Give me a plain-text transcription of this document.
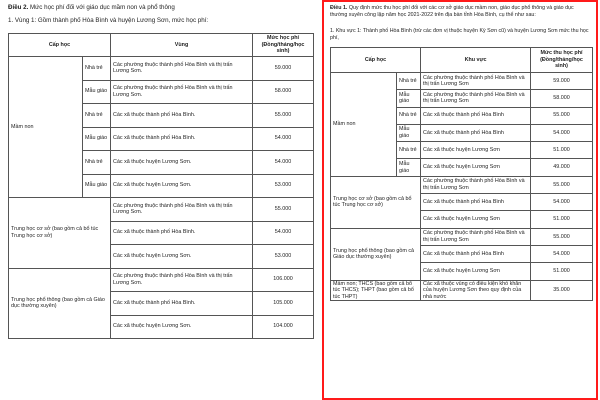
Điều 2. Mức học phí đối với giáo dục mầm non và phổ thông
1. Vùng 1: Gồm thành phố Hòa Bình và huyện Lương Sơn, mức học phí:
Cấp học		Vùng	Mức học phí (Đồng/tháng/học sinh)
Mầm non	Nhà trẻ	Các phường thuộc thành phố Hòa Bình và thị trấn Lương Sơn.	59.000
	Mẫu giáo	Các phường thuộc thành phố Hòa Bình và thị trấn Lương Sơn.	58.000
	Nhà trẻ	Các xã thuộc thành phố Hòa Bình.	55.000
	Mẫu giáo	Các xã thuộc thành phố Hòa Bình.	54.000
	Nhà trẻ	Các xã thuộc huyện Lương Sơn.	54.000
	Mẫu giáo	Các xã thuộc huyện Lương Sơn.	53.000
Trung học cơ sở (bao gồm cả bổ túc Trung học cơ sở)		Các phường thuộc thành phố Hòa Bình và thị trấn Lương Sơn.	55.000
		Các xã thuộc thành phố Hòa Bình.	54.000
		Các xã thuộc huyện Lương Sơn.	53.000
Trung học phổ thông (bao gồm cả Giáo dục thường xuyên)		Các phường thuộc thành phố Hòa Bình và thị trấn Lương Sơn.	106.000
		Các xã thuộc thành phố Hòa Bình.	105.000
		Các xã thuộc huyện Lương Sơn.	104.000
Điều 1. Quy định mức thu học phí đối với các cơ sở giáo dục mầm non, giáo dục phổ thông và giáo dục thường xuyên công lập năm học 2021-2022 trên địa bàn tỉnh Hòa Bình, cụ thể như sau:
1. Khu vực 1: Thành phố Hòa Bình (trừ các đơn vị thuộc huyện Kỳ Sơn cũ) và huyện Lương Sơn mức thu học phí,
Cấp học		Khu vực	Mức thu học phí (Đồng/tháng/học sinh)
Mầm non	Nhà trẻ	Các phường thuộc thành phố Hòa Bình và thị trấn Lương Sơn	59.000
	Mẫu giáo	Các phường thuộc thành phố Hòa Bình và thị trấn Lương Sơn	58.000
	Nhà trẻ	Các xã thuộc thành phố Hòa Bình	55.000
	Mẫu giáo	Các xã thuộc thành phố Hòa Bình	54.000
	Nhà trẻ	Các xã thuộc huyện Lương Sơn	51.000
	Mẫu giáo	Các xã thuộc huyện Lương Sơn	49.000
Trung học cơ sở (bao gồm cả bổ túc Trung học cơ sở)		Các phường thuộc thành phố Hòa Bình và thị trấn Lương Sơn	55.000
		Các xã thuộc thành phố Hòa Bình	54.000
		Các xã thuộc huyện Lương Sơn	51.000
Trung học phổ thông (bao gồm cả Giáo dục thường xuyên)		Các phường thuộc thành phố Hòa Bình và thị trấn Lương Sơn	55.000
		Các xã thuộc thành phố Hòa Bình	54.000
		Các xã thuộc huyện Lương Sơn	51.000
Mầm non; THCS (bao gồm cả bổ túc THCS); THPT (bao gồm cả bổ túc THPT)		Các xã thuộc vùng có điều kiện khó khăn của huyện Lương Sơn theo quy định của nhà nước	35.000
